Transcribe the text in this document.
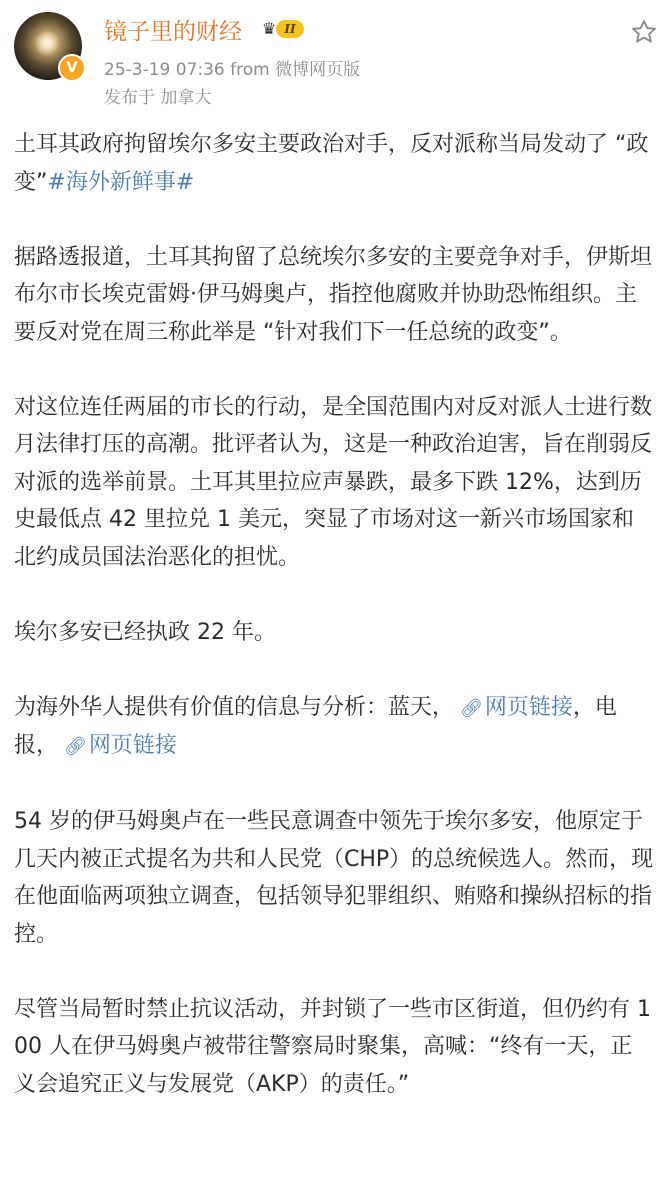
V
镜子里的财经 ♛ II
25-3-19 07:36 from 微博网页版
发布于 加拿大

土耳其政府拘留埃尔多安主要政治对手，反对派称当局发动了 “政变”#海外新鲜事#

据路透报道，土耳其拘留了总统埃尔多安的主要竞争对手，伊斯坦布尔市长埃克雷姆·伊马姆奥卢，指控他腐败并协助恐怖组织。主要反对党在周三称此举是 “针对我们下一任总统的政变”。

对这位连任两届的市长的行动，是全国范围内对反对派人士进行数月法律打压的高潮。批评者认为，这是一种政治迫害，旨在削弱反对派的选举前景。土耳其里拉应声暴跌，最多下跌 12%，达到历史最低点 42 里拉兑 1 美元，突显了市场对这一新兴市场国家和北约成员国法治恶化的担忧。

埃尔多安已经执政 22 年。

为海外华人提供有价值的信息与分析：蓝天， 🔗︎网页链接，电报， 🔗︎网页链接

54 岁的伊马姆奥卢在一些民意调查中领先于埃尔多安，他原定于几天内被正式提名为共和人民党（CHP）的总统候选人。然而，现在他面临两项独立调查，包括领导犯罪组织、贿赂和操纵招标的指控。

尽管当局暂时禁止抗议活动，并封锁了一些市区街道，但仍约有 100 人在伊马姆奥卢被带往警察局时聚集，高喊：“终有一天，正义会追究正义与发展党（AKP）的责任。”
